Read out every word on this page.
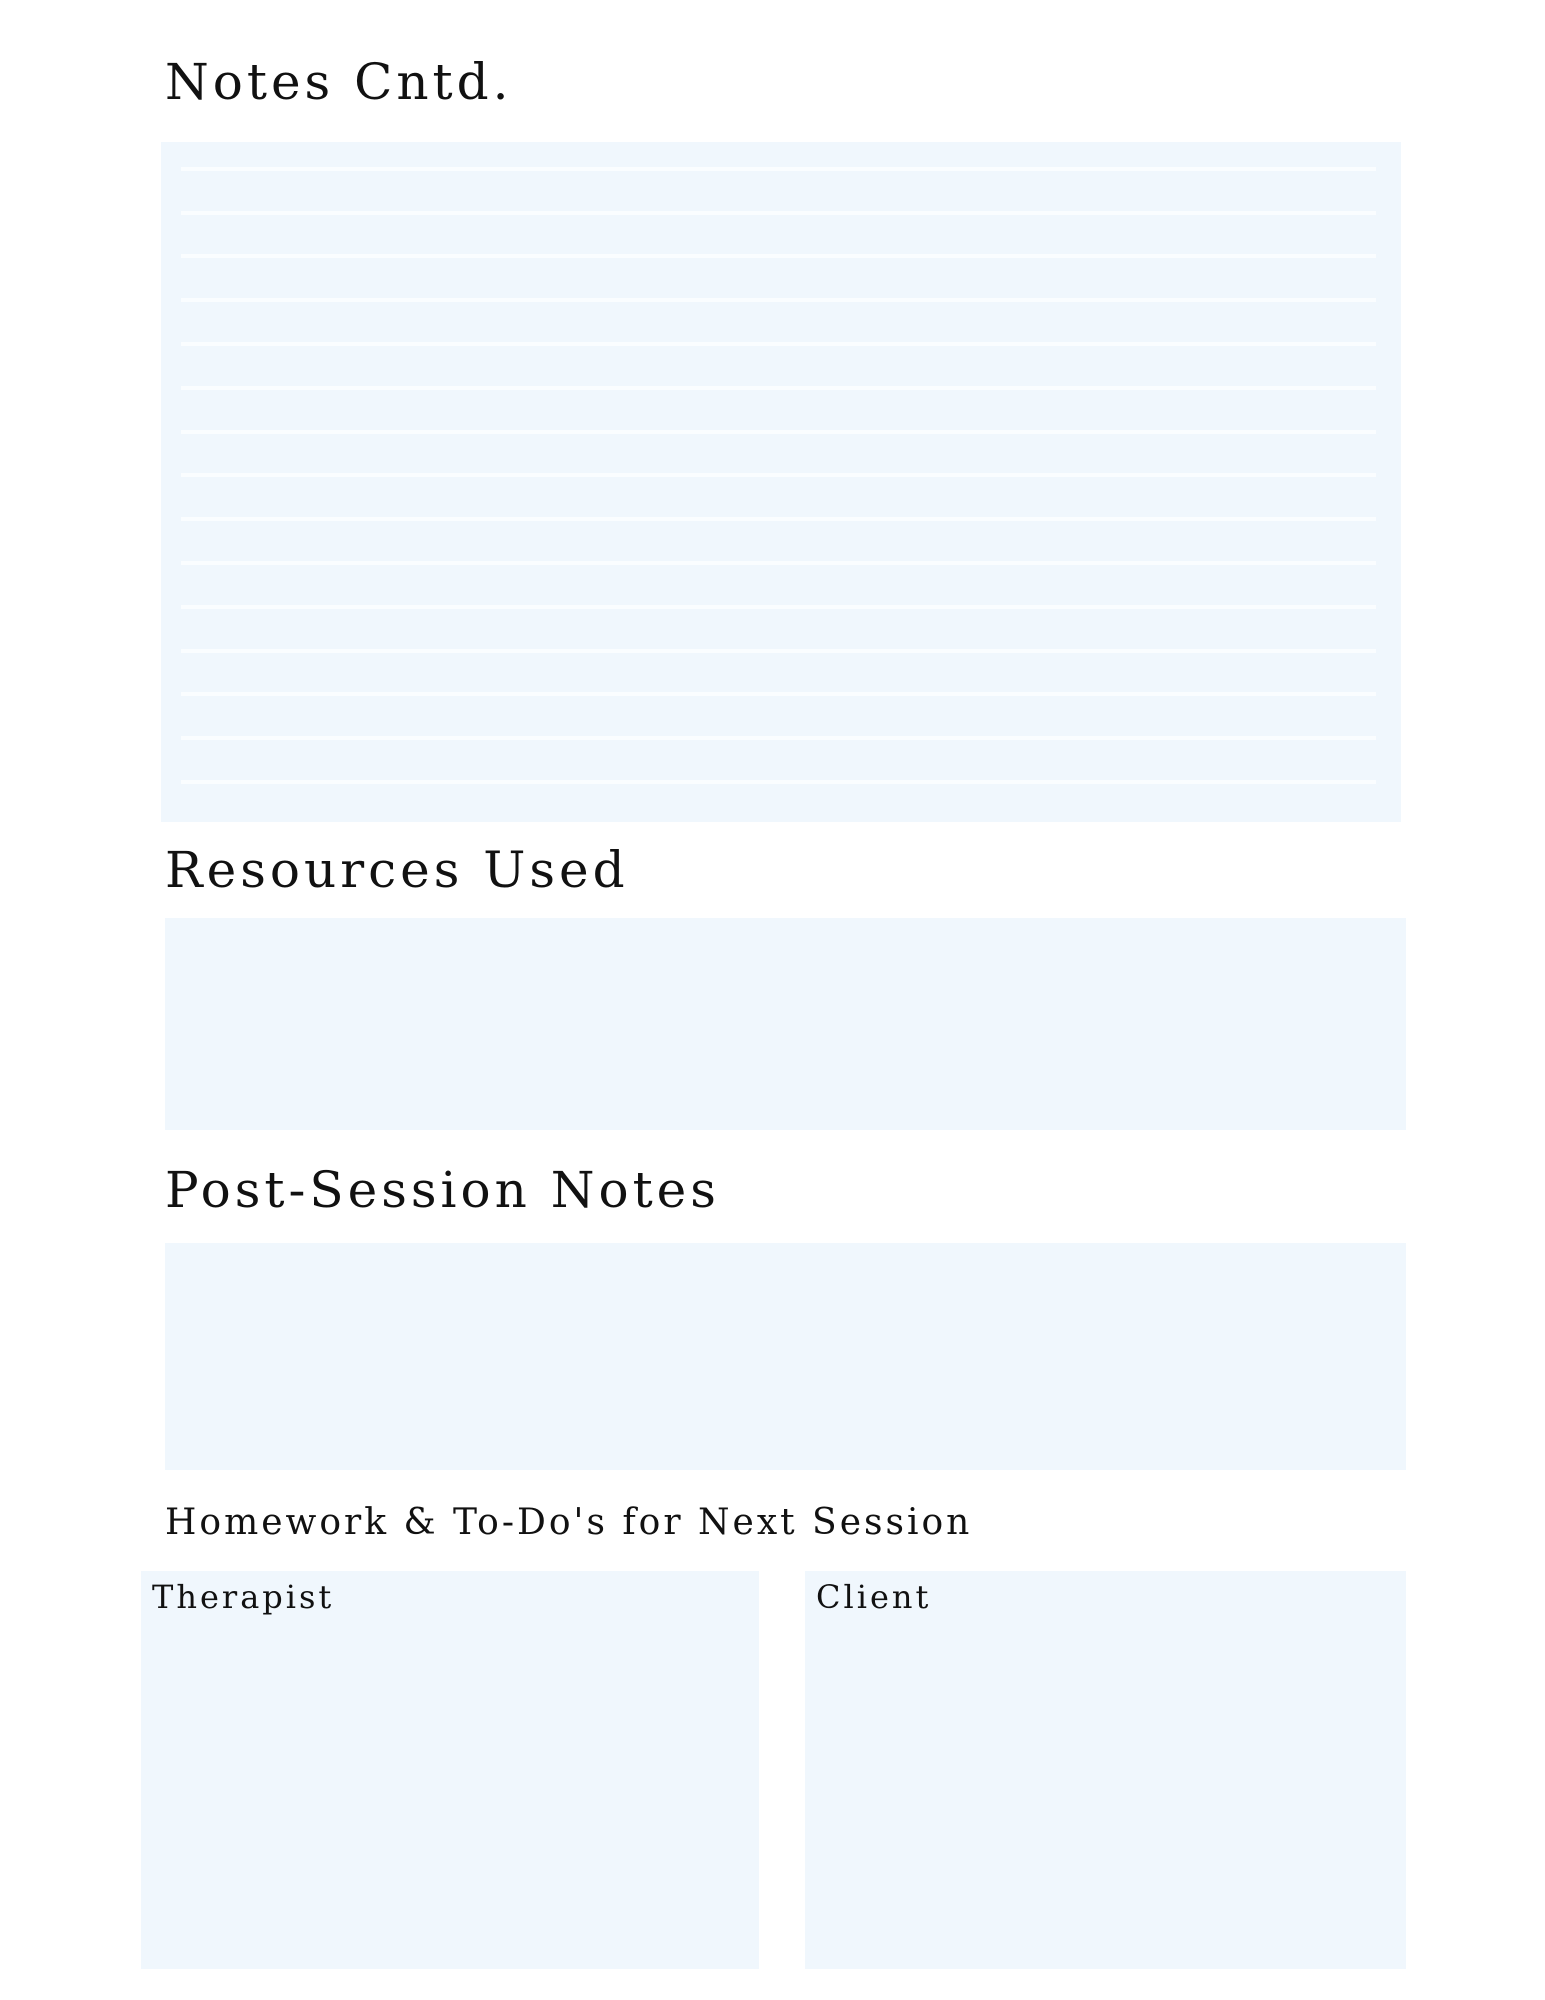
Notes Cntd.
Resources Used
Post-Session Notes
Homework & To-Do's for Next Session
Therapist	Client
